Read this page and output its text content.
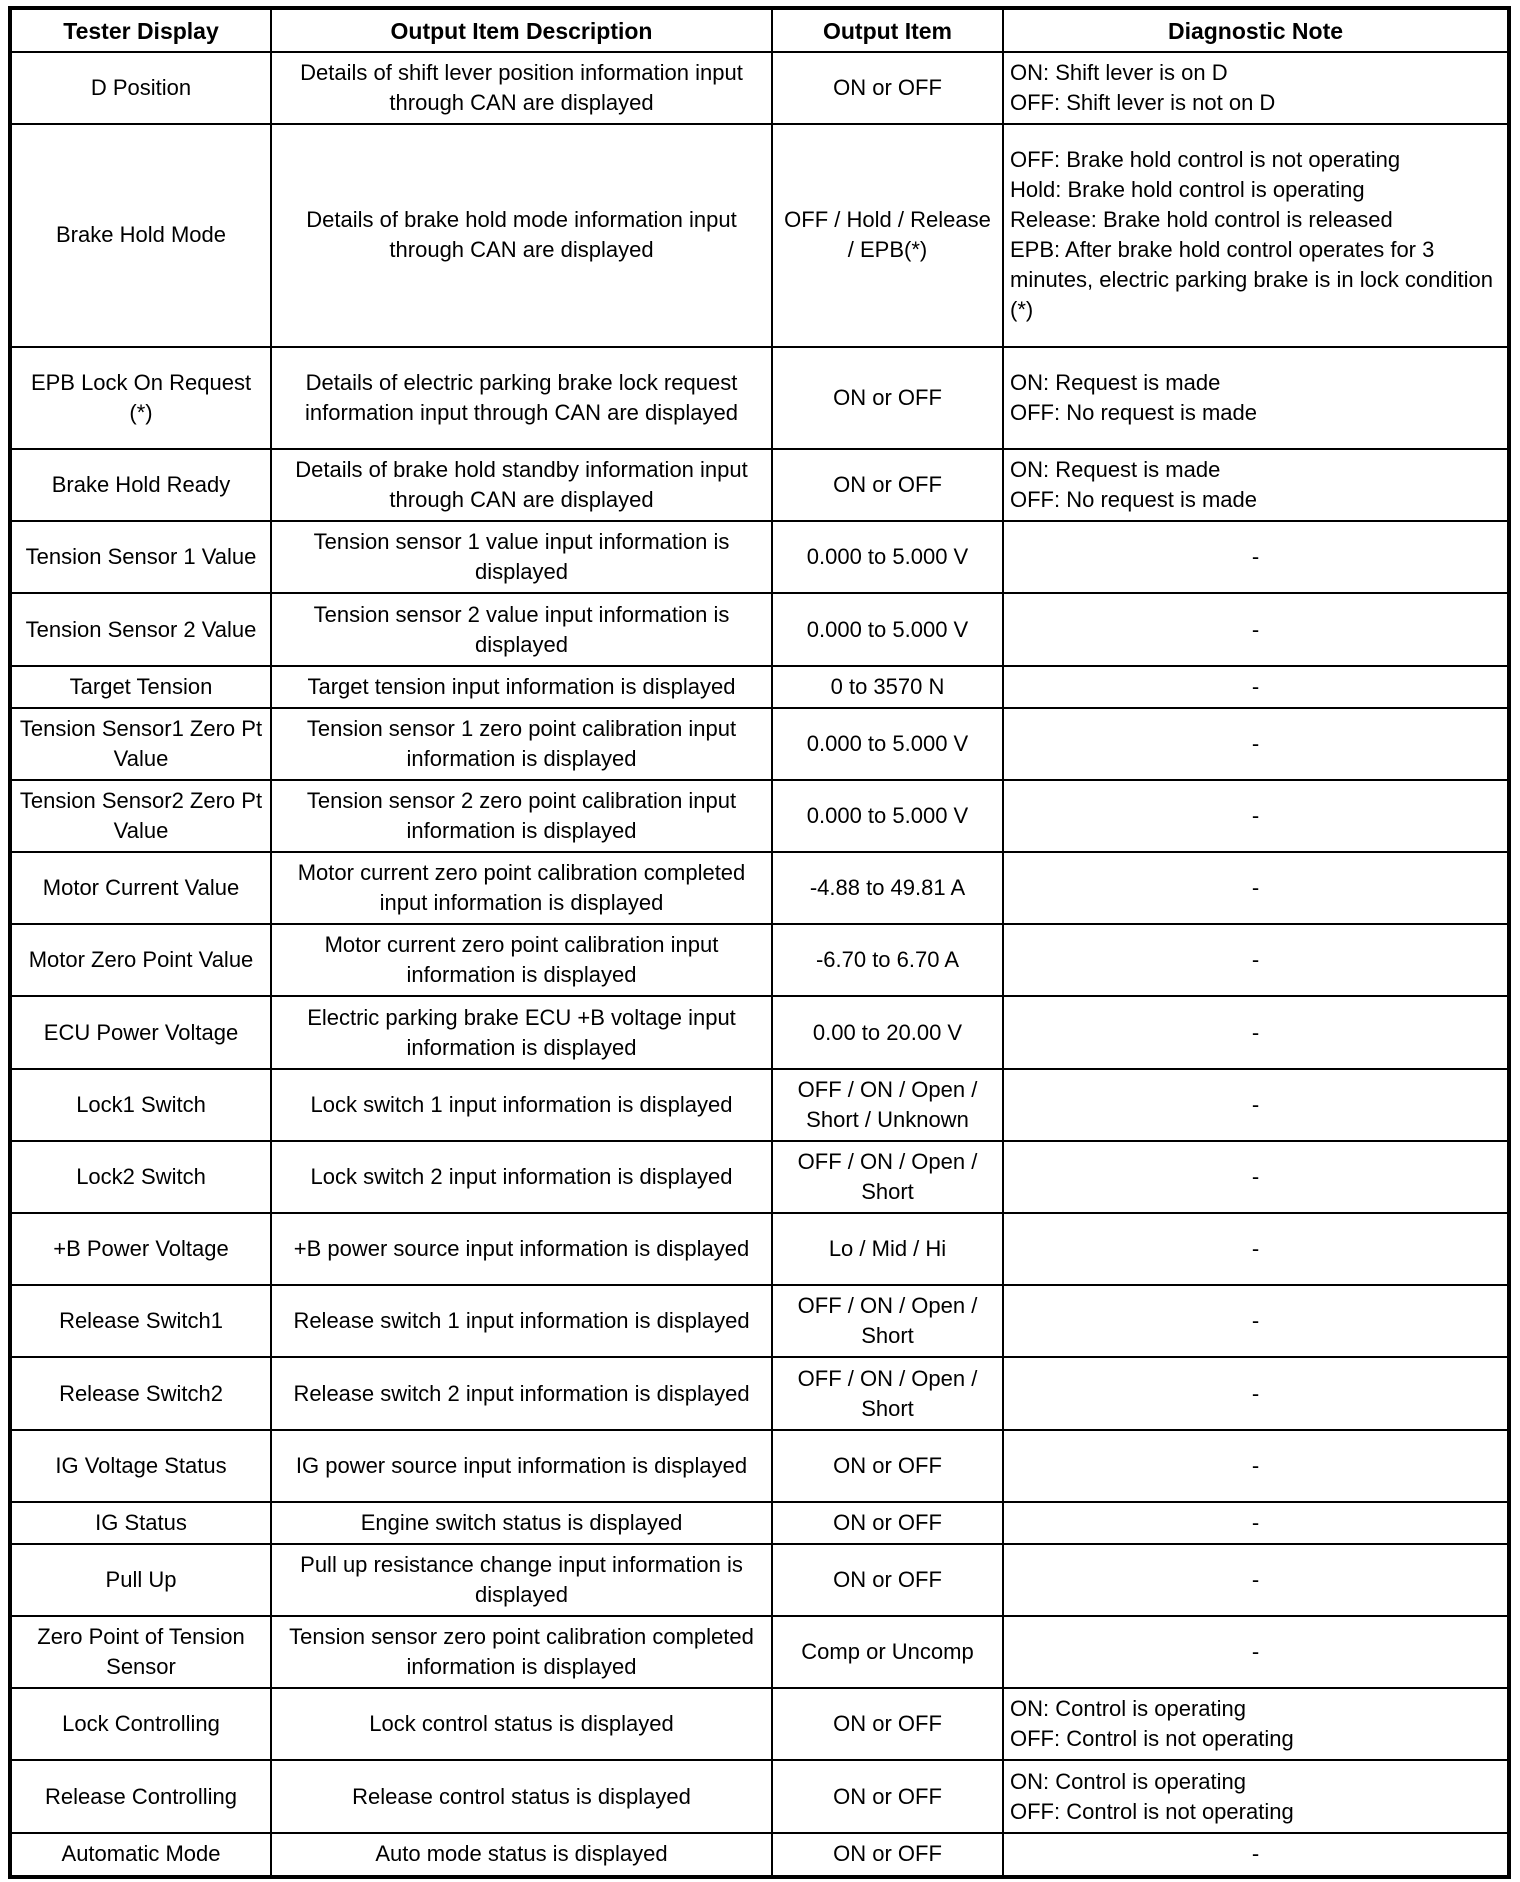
Tester Display	Output Item Description	Output Item	Diagnostic Note
D Position	Details of shift lever position information input through CAN are displayed	ON or OFF	ON: Shift lever is on D
OFF: Shift lever is not on D
Brake Hold Mode	Details of brake hold mode information input through CAN are displayed	OFF / Hold / Release / EPB(*)	OFF: Brake hold control is not operating
Hold: Brake hold control is operating
Release: Brake hold control is released
EPB: After brake hold control operates for 3 minutes, electric parking brake is in lock condition
(*)
EPB Lock On Request (*)	Details of electric parking brake lock request information input through CAN are displayed	ON or OFF	ON: Request is made
OFF: No request is made
Brake Hold Ready	Details of brake hold standby information input through CAN are displayed	ON or OFF	ON: Request is made
OFF: No request is made
Tension Sensor 1 Value	Tension sensor 1 value input information is displayed	0.000 to 5.000 V	-
Tension Sensor 2 Value	Tension sensor 2 value input information is displayed	0.000 to 5.000 V	-
Target Tension	Target tension input information is displayed	0 to 3570 N	-
Tension Sensor1 Zero Pt Value	Tension sensor 1 zero point calibration input information is displayed	0.000 to 5.000 V	-
Tension Sensor2 Zero Pt Value	Tension sensor 2 zero point calibration input information is displayed	0.000 to 5.000 V	-
Motor Current Value	Motor current zero point calibration completed input information is displayed	-4.88 to 49.81 A	-
Motor Zero Point Value	Motor current zero point calibration input information is displayed	-6.70 to 6.70 A	-
ECU Power Voltage	Electric parking brake ECU +B voltage input information is displayed	0.00 to 20.00 V	-
Lock1 Switch	Lock switch 1 input information is displayed	OFF / ON / Open / Short / Unknown	-
Lock2 Switch	Lock switch 2 input information is displayed	OFF / ON / Open / Short	-
+B Power Voltage	+B power source input information is displayed	Lo / Mid / Hi	-
Release Switch1	Release switch 1 input information is displayed	OFF / ON / Open / Short	-
Release Switch2	Release switch 2 input information is displayed	OFF / ON / Open / Short	-
IG Voltage Status	IG power source input information is displayed	ON or OFF	-
IG Status	Engine switch status is displayed	ON or OFF	-
Pull Up	Pull up resistance change input information is displayed	ON or OFF	-
Zero Point of Tension Sensor	Tension sensor zero point calibration completed information is displayed	Comp or Uncomp	-
Lock Controlling	Lock control status is displayed	ON or OFF	ON: Control is operating
OFF: Control is not operating
Release Controlling	Release control status is displayed	ON or OFF	ON: Control is operating
OFF: Control is not operating
Automatic Mode	Auto mode status is displayed	ON or OFF	-
